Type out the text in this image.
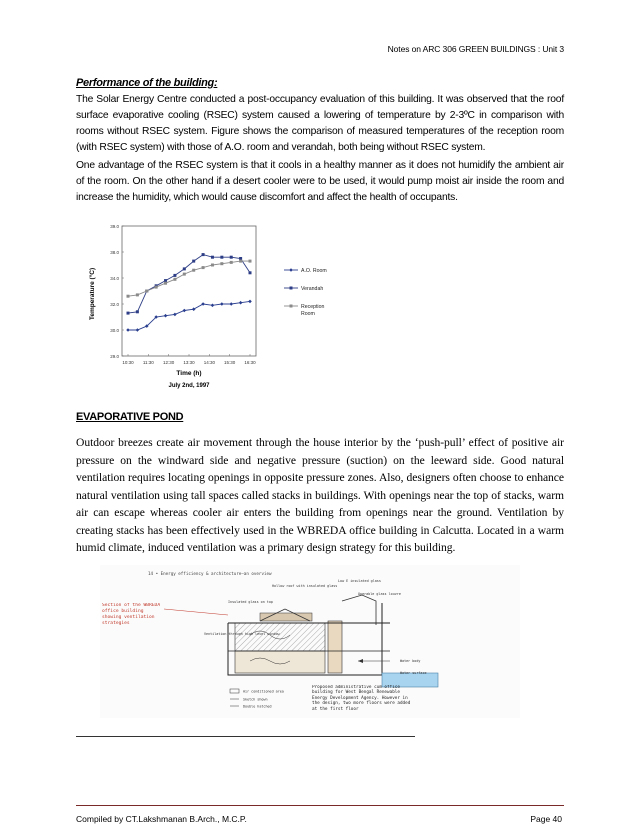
Notes on ARC 306 GREEN BUILDINGS : Unit 3
Performance of the building:
The Solar Energy Centre conducted a post-occupancy evaluation of this building. It was observed that the roof surface evaporative cooling (RSEC) system caused a lowering of temperature by 2-3ºC in comparison with rooms without RSEC system. Figure shows the comparison of measured temperatures of the reception room (with RSEC system) with those of A.O. room and verandah, both being without RSEC system.
One advantage of the RSEC system is that it cools in a healthy manner as it does not humidify the ambient air of the room. On the other hand if a desert cooler were to be used, it would pump moist air inside the room and increase the humidity, which would cause discomfort and affect the health of occupants.
39.0
38.0
34.0
32.0
30.0
29.0
10:30 11:30 12:30 13:30 14:30 15:30 16:30
A.O. Room
Verandah
Reception Room
Temperature (°C)
Time (h)
July 2nd, 1997
EVAPORATIVE POND
Outdoor breezes create air movement through the house interior by the ‘push-pull’ effect of positive air pressure on the windward side and negative pressure (suction) on the leeward side. Good natural ventilation requires locating openings in opposite pressure zones. Also, designers often choose to enhance natural ventilation using tall spaces called stacks in buildings. With openings near the top of stacks, warm air can escape whereas cooler air enters the building from openings near the ground. Ventilation by creating stacks has been effectively used in the WBREDA office building in Calcutta. Located in a warm humid climate, induced ventilation was a primary design strategy for this building.
14 • Energy efficiency & architecture—an overview
Section of the WBREDA office building showing ventilation strategies
Low E insulated glass
Hollow roof with insulated glass
Operable glass louvre
Insulated glass on top
Ventilation through high level window
Water body
Water surface
Air conditioned area
Sketch shown
Double hatched
Proposed administrative cum office building for West Bengal Renewable Energy Development Agency. However in the design, two more floors were added at the first floor
Compiled by CT.Lakshmanan B.Arch., M.C.P.	Page 40
